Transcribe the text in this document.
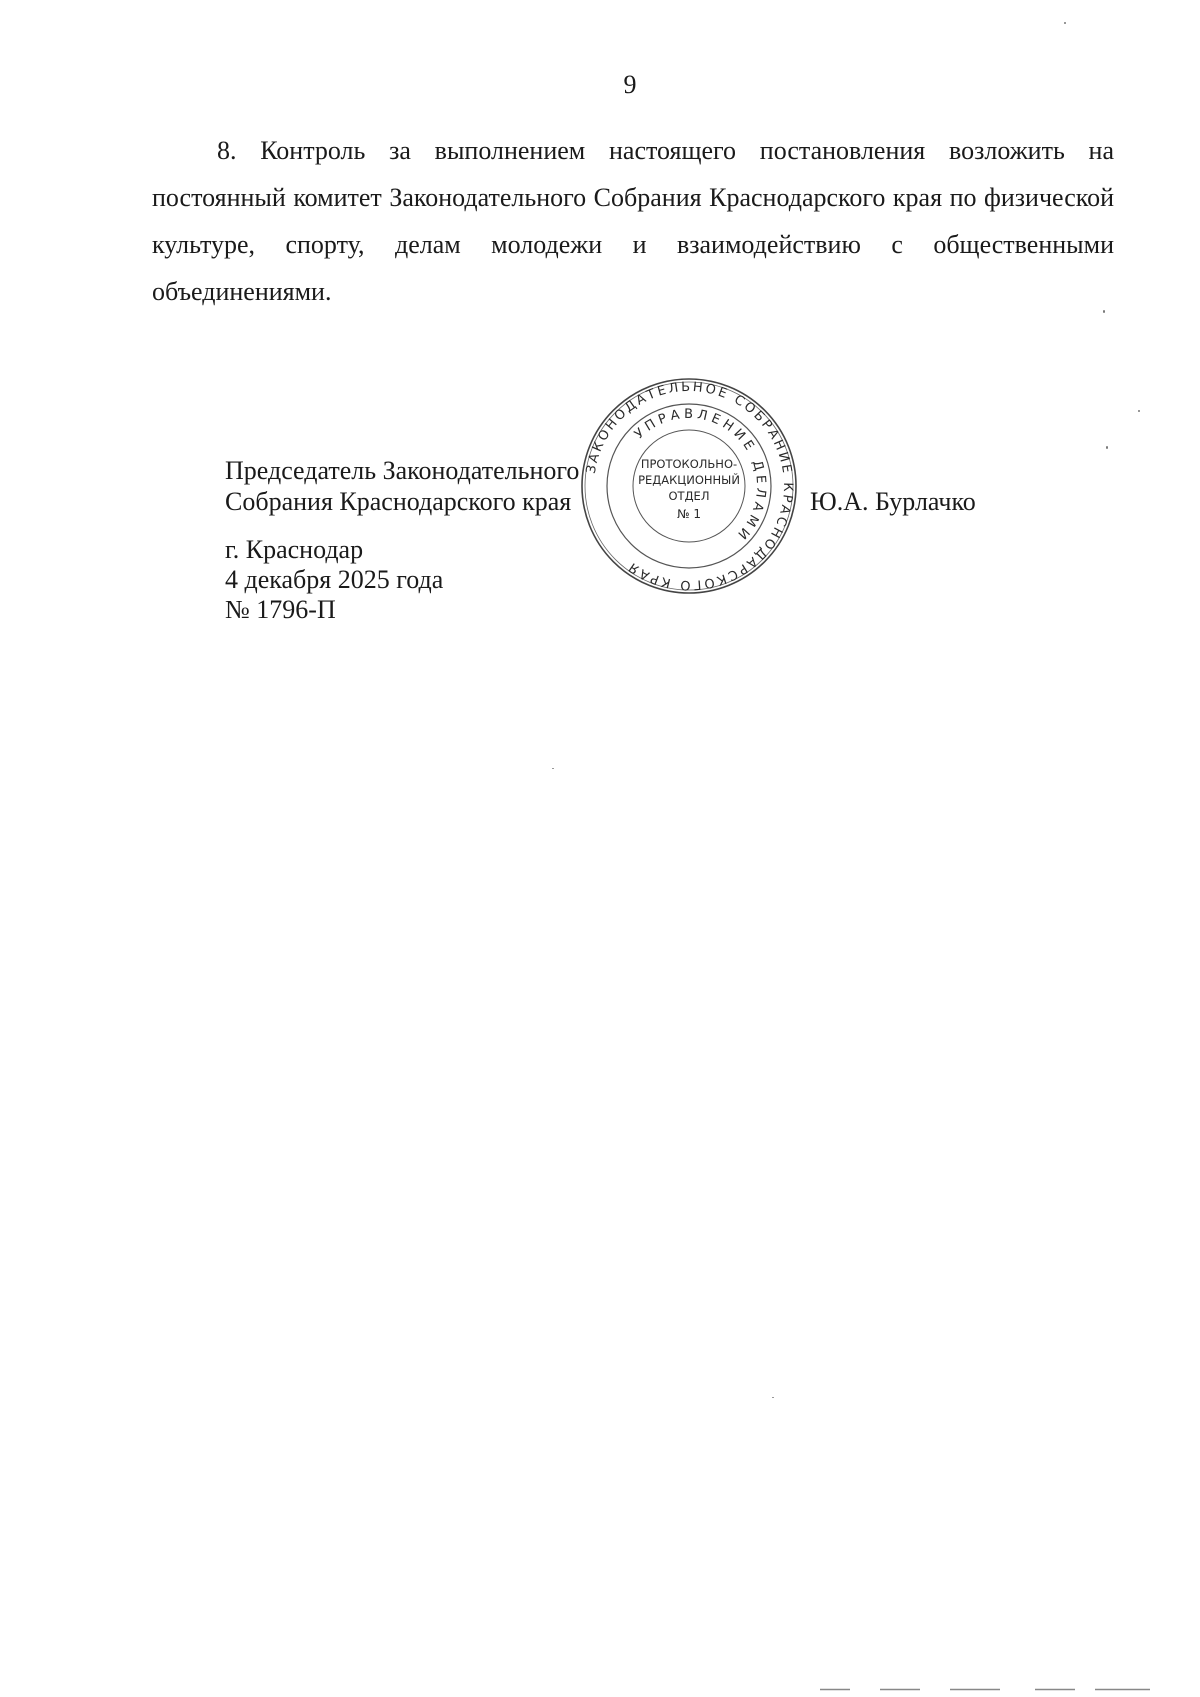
9

8. Контроль за выполнением настоящего постановления возложить на постоянный комитет Законодательного Собрания Краснодарского края по физической культуре, спорту, делам молодежи и взаимодействию с общественными объединениями.

Председатель Законодательного
Собрания Краснодарского края	Ю.А. Бурлачко
г. Краснодар
4 декабря 2025 года
№ 1796-П
ЗАКОНОДАТЕЛЬНОЕ СОБРАНИЕ КРАСНОДАРСКОГО КРАЯ
УПРАВЛЕНИЕ ДЕЛАМИ
ПРОТОКОЛЬНО-
РЕДАКЦИОННЫЙ
ОТДЕЛ
№ 1
